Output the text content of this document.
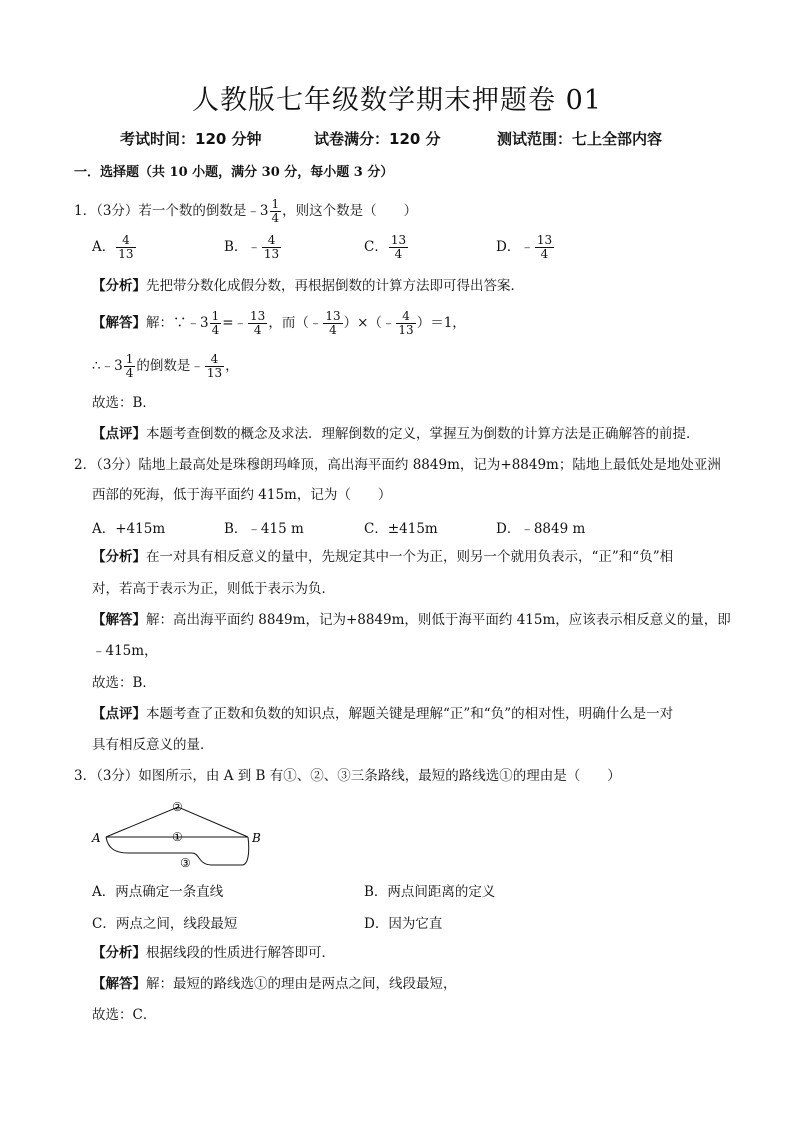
人教版七年级数学期末押题卷 01
考试时间：120 分钟	试卷满分：120 分	测试范围：七上全部内容
一．选择题（共 10 小题，满分 30 分，每小题 3 分）
1．（3分）若一个数的倒数是﹣3 $\frac{1}{4}$ ，则这个数是（　　）
A． $\frac{4}{13}$	B．﹣ $\frac{4}{13}$	C． $\frac{13}{4}$	D．﹣ $\frac{13}{4}$
【分析】先把带分数化成假分数，再根据倒数的计算方法即可得出答案．
【解答】解：∵﹣3 $\frac{1}{4}$ =﹣ $\frac{13}{4}$ ，而（﹣ $\frac{13}{4}$ ）×（﹣ $\frac{4}{13} )=1$，
∴﹣3 $\frac{1}{4}$ 的倒数是﹣ $\frac{4}{13}$ ，
故选：B．
【点评】本题考查倒数的概念及求法．理解倒数的定义，掌握互为倒数的计算方法是正确解答的前提．
2．（3分）陆地上最高处是珠穆朗玛峰顶，高出海平面约 8849m，记为+8849m；陆地上最低处是地处亚洲
西部的死海，低于海平面约 415m，记为（　　）
A．+415m	B．﹣415 m	C．±415m	D．﹣8849 m
【分析】在一对具有相反意义的量中，先规定其中一个为正，则另一个就用负表示，“正”和“负”相
对，若高于表示为正，则低于表示为负．
【解答】解：高出海平面约 8849m，记为+8849m，则低于海平面约 415m，应该表示相反意义的量，即
﹣415m，
故选：B．
【点评】本题考查了正数和负数的知识点，解题关键是理解“正”和“负”的相对性，明确什么是一对
具有相反意义的量．
3．（3分）如图所示，由 A 到 B 有①、②、③三条路线，最短的路线选①的理由是（　　）
A	B
②
①
③
A．两点确定一条直线	B．两点间距离的定义
C．两点之间，线段最短	D．因为它直
【分析】根据线段的性质进行解答即可．
【解答】解：最短的路线选①的理由是两点之间，线段最短，
故选：C．
